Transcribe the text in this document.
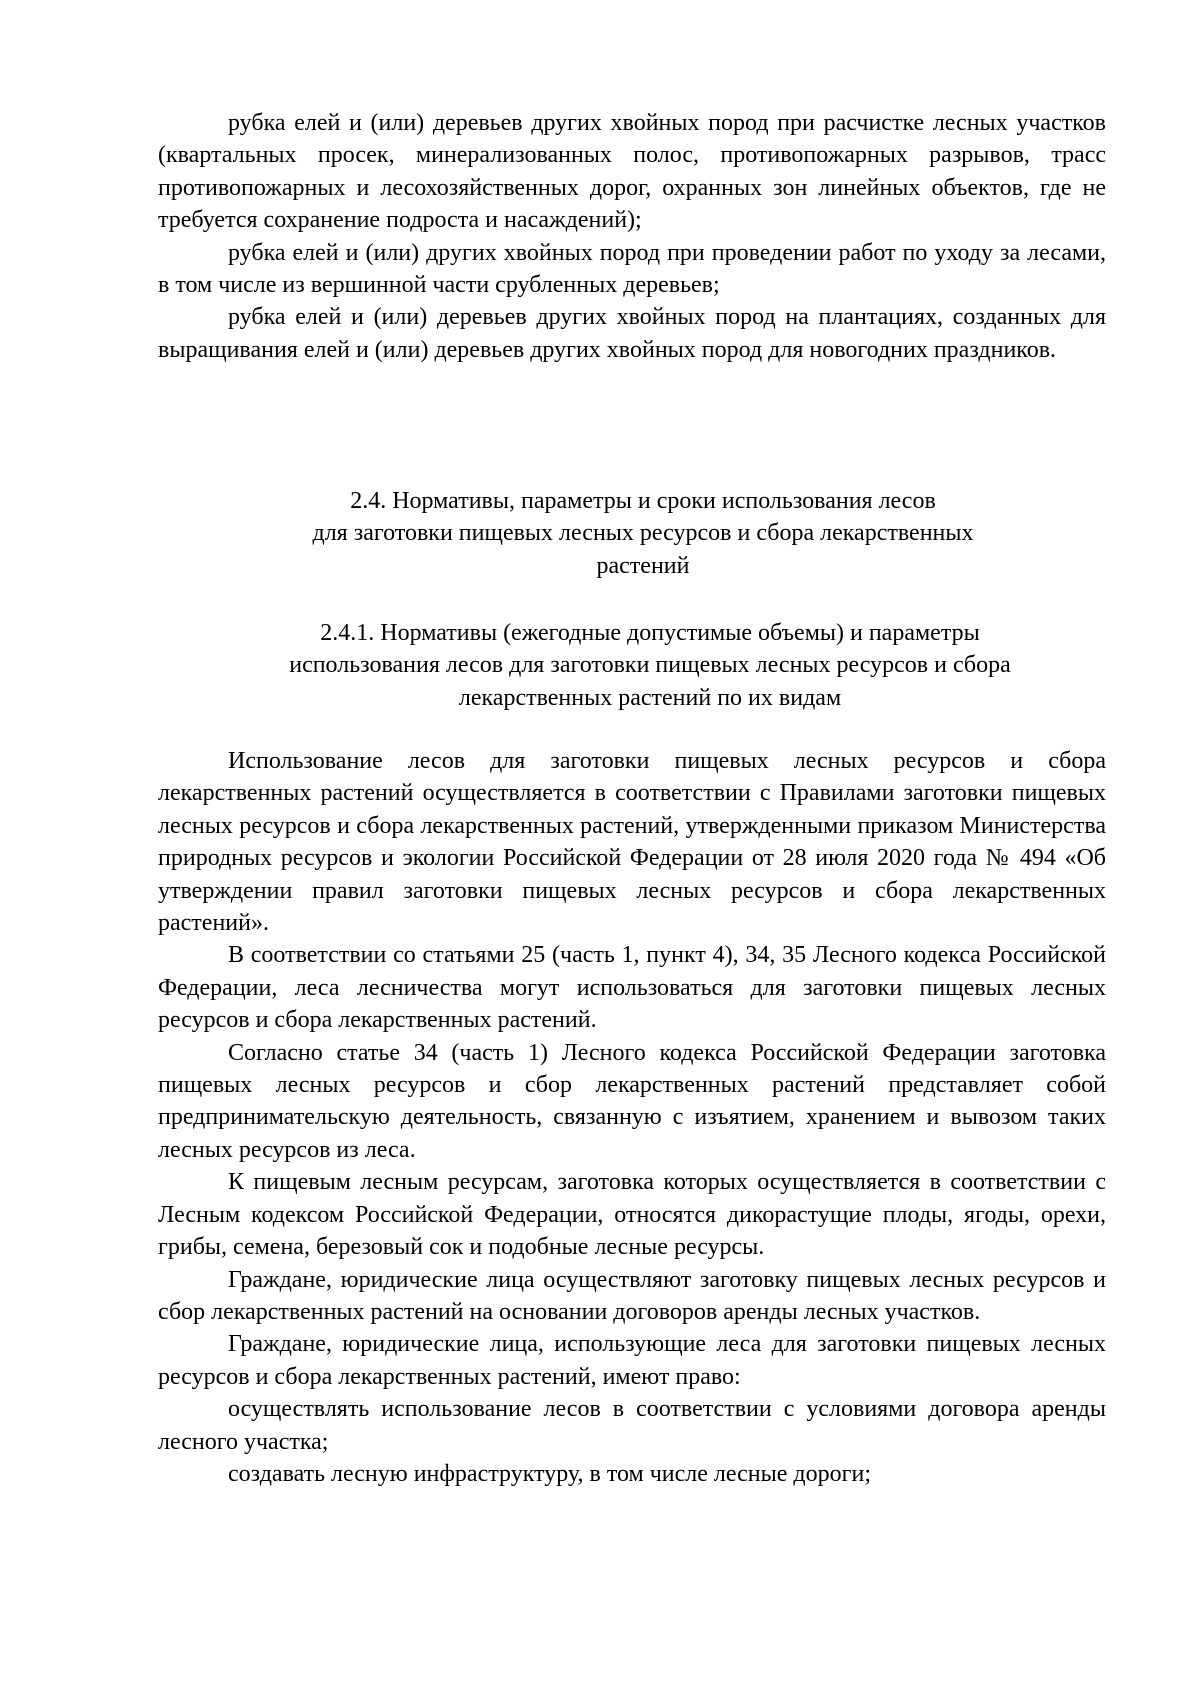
рубка елей и (или) деревьев других хвойных пород при расчистке лесных участков (квартальных просек, минерализованных полос, противопожарных разрывов, трасс противопожарных и лесохозяйственных дорог, охранных зон линейных объектов, где не требуется сохранение подроста и насаждений);

рубка елей и (или) других хвойных пород при проведении работ по уходу за лесами, в том числе из вершинной части срубленных деревьев;

рубка елей и (или) деревьев других хвойных пород на плантациях, созданных для выращивания елей и (или) деревьев других хвойных пород для новогодних праздников.

2.4. Нормативы, параметры и сроки использования лесов
для заготовки пищевых лесных ресурсов и сбора лекарственных
растений
2.4.1. Нормативы (ежегодные допустимые объемы) и параметры
использования лесов для заготовки пищевых лесных ресурсов и сбора
лекарственных растений по их видам

Использование лесов для заготовки пищевых лесных ресурсов и сбора лекарственных растений осуществляется в соответствии с Правилами заготовки пищевых лесных ресурсов и сбора лекарственных растений, утвержденными приказом Министерства природных ресурсов и экологии Российской Федерации от 28 июля 2020 года № 494 «Об утверждении правил заготовки пищевых лесных ресурсов и сбора лекарственных растений».

В соответствии со статьями 25 (часть 1, пункт 4), 34, 35 Лесного кодекса Российской Федерации, леса лесничества могут использоваться для заготовки пищевых лесных ресурсов и сбора лекарственных растений.

Согласно статье 34 (часть 1) Лесного кодекса Российской Федерации заготовка пищевых лесных ресурсов и сбор лекарственных растений представляет собой предпринимательскую деятельность, связанную с изъятием, хранением и вывозом таких лесных ресурсов из леса.

К пищевым лесным ресурсам, заготовка которых осуществляется в соответствии с Лесным кодексом Российской Федерации, относятся дикорастущие плоды, ягоды, орехи, грибы, семена, березовый сок и подобные лесные ресурсы.

Граждане, юридические лица осуществляют заготовку пищевых лесных ресурсов и сбор лекарственных растений на основании договоров аренды лесных участков.

Граждане, юридические лица, использующие леса для заготовки пищевых лесных ресурсов и сбора лекарственных растений, имеют право:

осуществлять использование лесов в соответствии с условиями договора аренды лесного участка;

создавать лесную инфраструктуру, в том числе лесные дороги;
